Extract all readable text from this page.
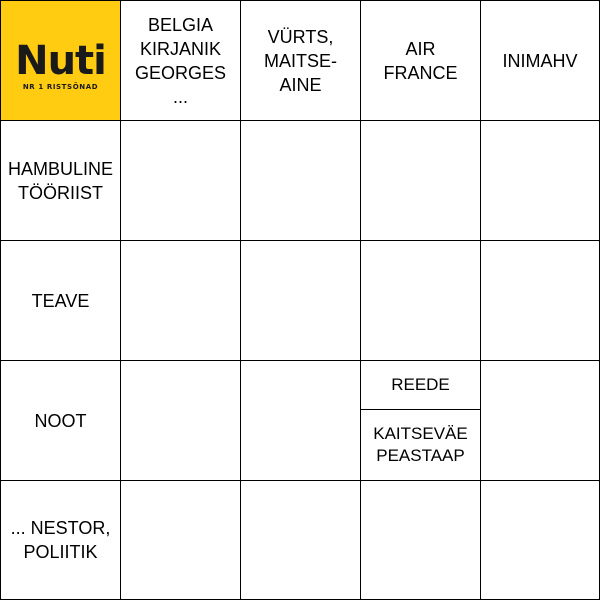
Nuti
NR 1 RISTSÕNAD
BELGIA
KIRJANIK
GEORGES
...
VÜRTS,
MAITSE-
AINE
AIR
FRANCE
INIMAHV
HAMBULINE
TÖÖRIIST
TEAVE
NOOT
... NESTOR,
POLIITIK
REEDE
KAITSEVÄE
PEASTAAP
